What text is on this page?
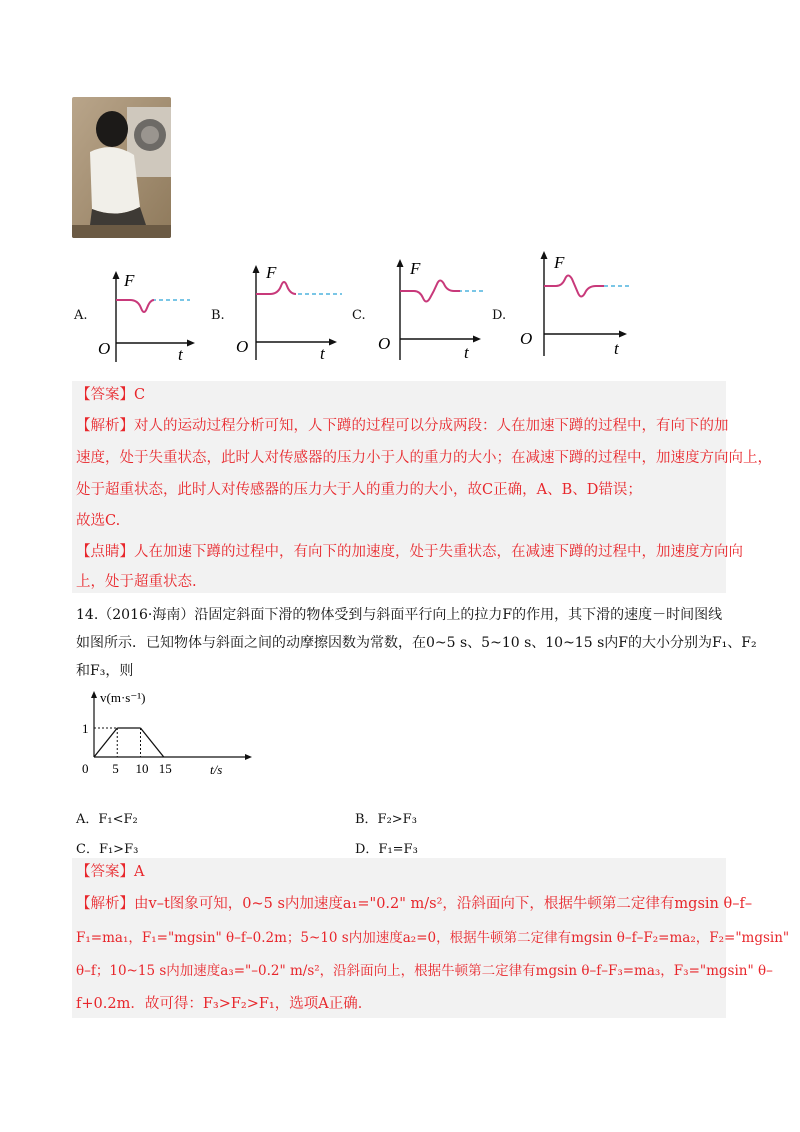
A.
F
O	t
B.
F
O	t
C.
F
O	t
D.
F
O
t
【答案】C
【解析】对人的运动过程分析可知，人下蹲的过程可以分成两段：人在加速下蹲的过程中，有向下的加
速度，处于失重状态，此时人对传感器的压力小于人的重力的大小；在减速下蹲的过程中，加速度方向向上，
处于超重状态，此时人对传感器的压力大于人的重力的大小，故C正确，A、B、D错误；
故选C.
【点睛】人在加速下蹲的过程中，有向下的加速度，处于失重状态，在减速下蹲的过程中，加速度方向向
上，处于超重状态.
14.（2016·海南）沿固定斜面下滑的物体受到与斜面平行向上的拉力F的作用，其下滑的速度－时间图线
如图所示．已知物体与斜面之间的动摩擦因数为常数，在0~5 s、5~10 s、10~15 s内F的大小分别为F₁、F₂
和F₃，则
v(m·s⁻¹)
t/s
0 5 10 15
1
A．F₁<F₂	B．F₂>F₃
C．F₁>F₃	D．F₁=F₃
【答案】A
【解析】由v–t图象可知，0~5 s内加速度a₁="0.2" m/s²，沿斜面向下，根据牛顿第二定律有mgsin θ–f–
F₁=ma₁，F₁="mgsin" θ–f–0.2m；5~10 s内加速度a₂=0，根据牛顿第二定律有mgsin θ–f–F₂=ma₂，F₂="mgsin"
θ–f；10~15 s内加速度a₃="–0.2" m/s²，沿斜面向上，根据牛顿第二定律有mgsin θ–f–F₃=ma₃，F₃="mgsin" θ–
f+0.2m．故可得：F₃>F₂>F₁，选项A正确．
